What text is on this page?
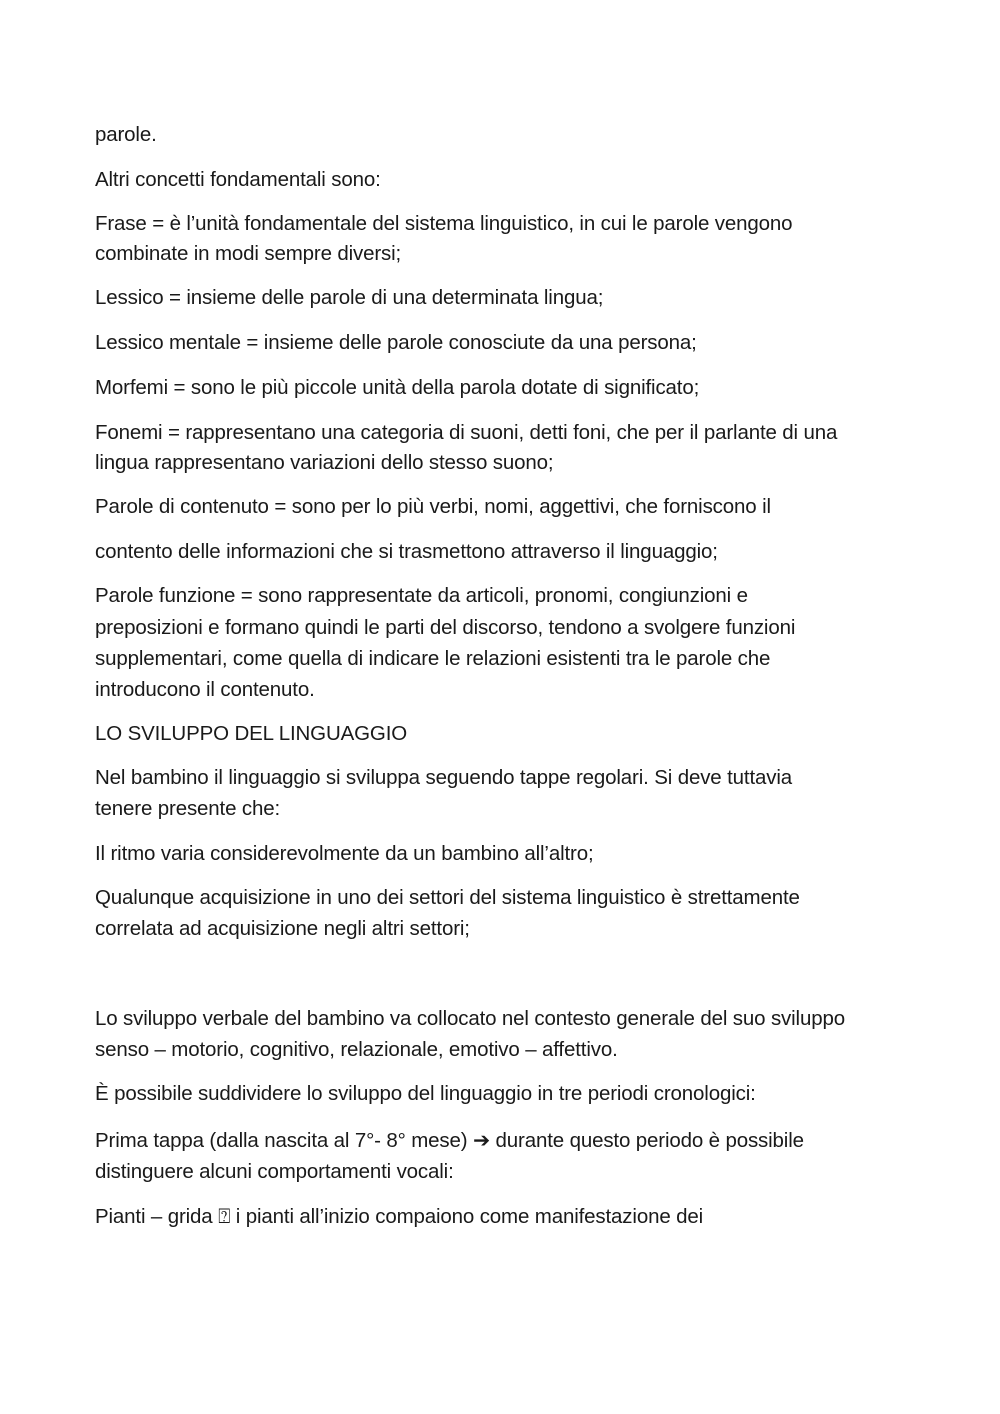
parole.

Altri concetti fondamentali sono:

Frase = è l’unità fondamentale del sistema linguistico, in cui le parole vengono

combinate in modi sempre diversi;

Lessico = insieme delle parole di una determinata lingua;

Lessico mentale = insieme delle parole conosciute da una persona;

Morfemi = sono le più piccole unità della parola dotate di significato;

Fonemi = rappresentano una categoria di suoni, detti foni, che per il parlante di una

lingua rappresentano variazioni dello stesso suono;

Parole di contenuto = sono per lo più verbi, nomi, aggettivi, che forniscono il

contento delle informazioni che si trasmettono attraverso il linguaggio;

Parole funzione = sono rappresentate da articoli, pronomi, congiunzioni e

preposizioni e formano quindi le parti del discorso, tendono a svolgere funzioni

supplementari, come quella di indicare le relazioni esistenti tra le parole che

introducono il contenuto.

LO SVILUPPO DEL LINGUAGGIO

Nel bambino il linguaggio si sviluppa seguendo tappe regolari. Si deve tuttavia

tenere presente che:

Il ritmo varia considerevolmente da un bambino all’altro;

Qualunque acquisizione in uno dei settori del sistema linguistico è strettamente

correlata ad acquisizione negli altri settori;

Lo sviluppo verbale del bambino va collocato nel contesto generale del suo sviluppo

senso – motorio, cognitivo, relazionale, emotivo – affettivo.

È possibile suddividere lo sviluppo del linguaggio in tre periodi cronologici:

Prima tappa (dalla nascita al 7°- 8° mese) ➔ durante questo periodo è possibile

distinguere alcuni comportamenti vocali:

Pianti – grida ⍰ i pianti all’inizio compaiono come manifestazione dei
